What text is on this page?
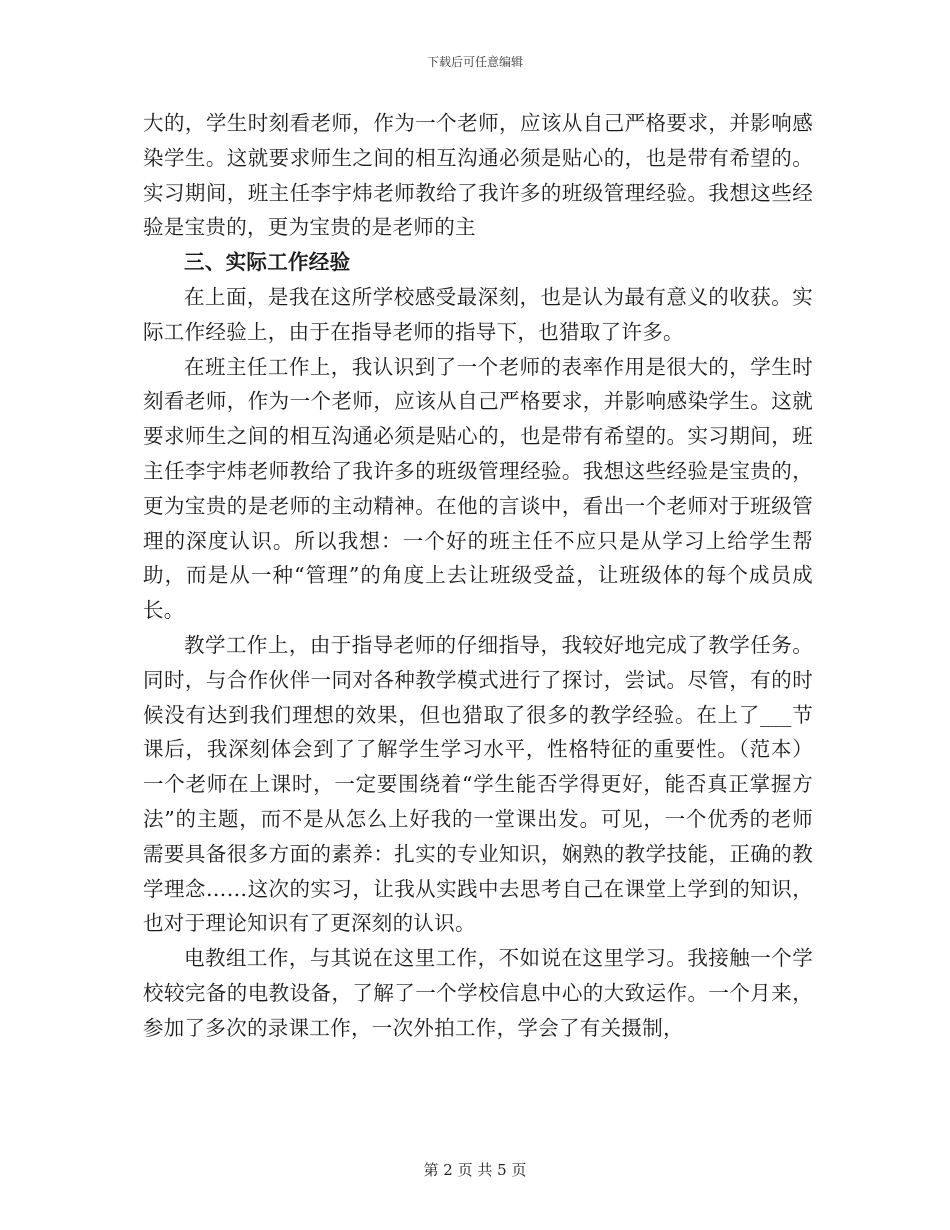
下载后可任意编辑

大的，学生时刻看老师，作为一个老师，应该从自己严格要求，并影响感染学生。这就要求师生之间的相互沟通必须是贴心的，也是带有希望的。实习期间，班主任李宇炜老师教给了我许多的班级管理经验。我想这些经验是宝贵的，更为宝贵的是老师的主

三、实际工作经验

在上面，是我在这所学校感受最深刻，也是认为最有意义的收获。实际工作经验上，由于在指导老师的指导下，也猎取了许多。

在班主任工作上，我认识到了一个老师的表率作用是很大的，学生时刻看老师，作为一个老师，应该从自己严格要求，并影响感染学生。这就要求师生之间的相互沟通必须是贴心的，也是带有希望的。实习期间，班主任李宇炜老师教给了我许多的班级管理经验。我想这些经验是宝贵的，更为宝贵的是老师的主动精神。在他的言谈中，看出一个老师对于班级管理的深度认识。所以我想：一个好的班主任不应只是从学习上给学生帮助，而是从一种“管理”的角度上去让班级受益，让班级体的每个成员成长。

教学工作上，由于指导老师的仔细指导，我较好地完成了教学任务。同时，与合作伙伴一同对各种教学模式进行了探讨，尝试。尽管，有的时候没有达到我们理想的效果，但也猎取了很多的教学经验。在上了___节课后，我深刻体会到了了解学生学习水平，性格特征的重要性。（范本）一个老师在上课时，一定要围绕着“学生能否学得更好，能否真正掌握方法”的主题，而不是从怎么上好我的一堂课出发。可见，一个优秀的老师需要具备很多方面的素养：扎实的专业知识，娴熟的教学技能，正确的教学理念……这次的实习，让我从实践中去思考自己在课堂上学到的知识，也对于理论知识有了更深刻的认识。

电教组工作，与其说在这里工作，不如说在这里学习。我接触一个学校较完备的电教设备，了解了一个学校信息中心的大致运作。一个月来，参加了多次的录课工作，一次外拍工作，学会了有关摄制，

第 2 页 共 5 页
